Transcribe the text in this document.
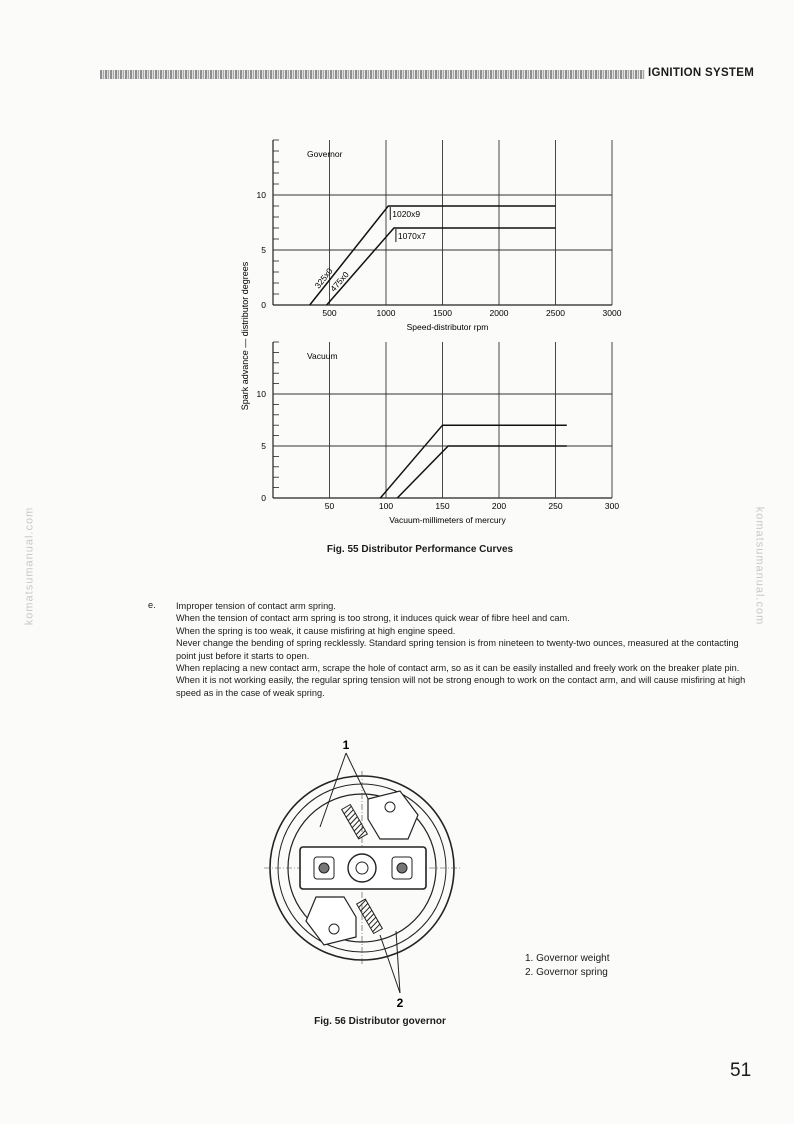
IGNITION SYSTEM
komatsumanual.com	komatsumanual.com
Spark advance — distributor degrees	500	1000	1500	2000	2500	3000
0
5
10
Governor
Speed-distributor rpm
1020x9
1070x7
325x0
475x0
50	100	150	200	250	300
0
5
10
Vacuum
Vacuum-millimeters of mercury
Fig. 55 Distributor Performance Curves
e. Improper tension of contact arm spring.

When the tension of contact arm spring is too strong, it induces quick wear of fibre heel and cam.

When the spring is too weak, it cause misfiring at high engine speed.

Never change the bending of spring recklessly. Standard spring tension is from nineteen to twenty-two ounces, measured at the contacting point just before it starts to open.

When replacing a new contact arm, scrape the hole of contact arm, so as it can be easily installed and freely work on the breaker plate pin. When it is not working easily, the regular spring tension will not be strong enough to work on the contact arm, and will cause misfiring at high speed as in the case of weak spring.

1
2
1. Governor weight
2. Governor spring
Fig. 56 Distributor governor
51
